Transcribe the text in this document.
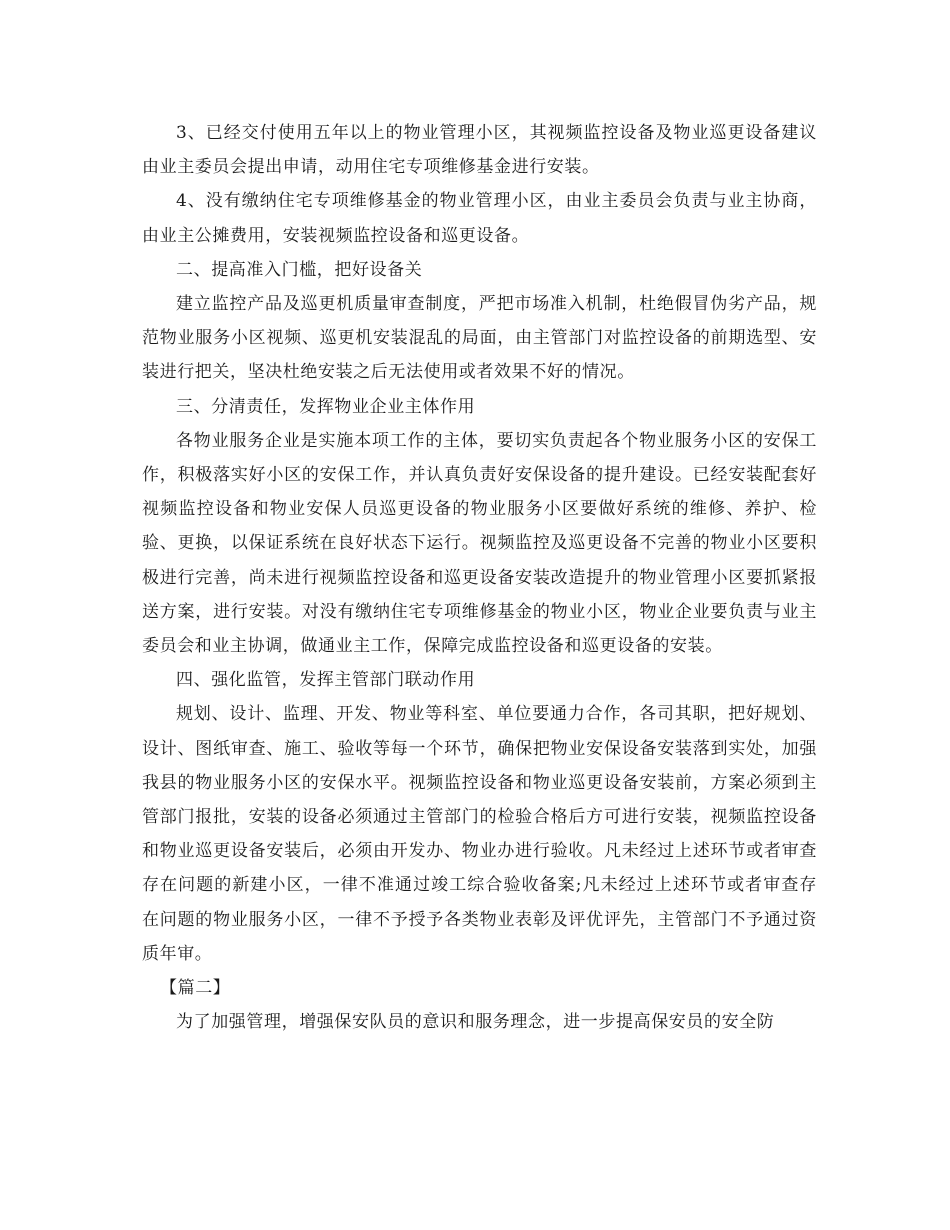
3、已经交付使用五年以上的物业管理小区，其视频监控设备及物业巡更设备建议由业主委员会提出申请，动用住宅专项维修基金进行安装。

4、没有缴纳住宅专项维修基金的物业管理小区，由业主委员会负责与业主协商，由业主公摊费用，安装视频监控设备和巡更设备。

二、提高准入门槛，把好设备关

建立监控产品及巡更机质量审查制度，严把市场准入机制，杜绝假冒伪劣产品，规范物业服务小区视频、巡更机安装混乱的局面，由主管部门对监控设备的前期选型、安装进行把关，坚决杜绝安装之后无法使用或者效果不好的情况。

三、分清责任，发挥物业企业主体作用

各物业服务企业是实施本项工作的主体，要切实负责起各个物业服务小区的安保工作，积极落实好小区的安保工作，并认真负责好安保设备的提升建设。已经安装配套好视频监控设备和物业安保人员巡更设备的物业服务小区要做好系统的维修、养护、检验、更换，以保证系统在良好状态下运行。视频监控及巡更设备不完善的物业小区要积极进行完善，尚未进行视频监控设备和巡更设备安装改造提升的物业管理小区要抓紧报送方案，进行安装。对没有缴纳住宅专项维修基金的物业小区，物业企业要负责与业主委员会和业主协调，做通业主工作，保障完成监控设备和巡更设备的安装。

四、强化监管，发挥主管部门联动作用

规划、设计、监理、开发、物业等科室、单位要通力合作，各司其职，把好规划、设计、图纸审查、施工、验收等每一个环节，确保把物业安保设备安装落到实处，加强我县的物业服务小区的安保水平。视频监控设备和物业巡更设备安装前，方案必须到主管部门报批，安装的设备必须通过主管部门的检验合格后方可进行安装，视频监控设备和物业巡更设备安装后，必须由开发办、物业办进行验收。凡未经过上述环节或者审查存在问题的新建小区，一律不准通过竣工综合验收备案;凡未经过上述环节或者审查存在问题的物业服务小区，一律不予授予各类物业表彰及评优评先，主管部门不予通过资质年审。

【篇二】

为了加强管理，增强保安队员的意识和服务理念，进一步提高保安员的安全防
